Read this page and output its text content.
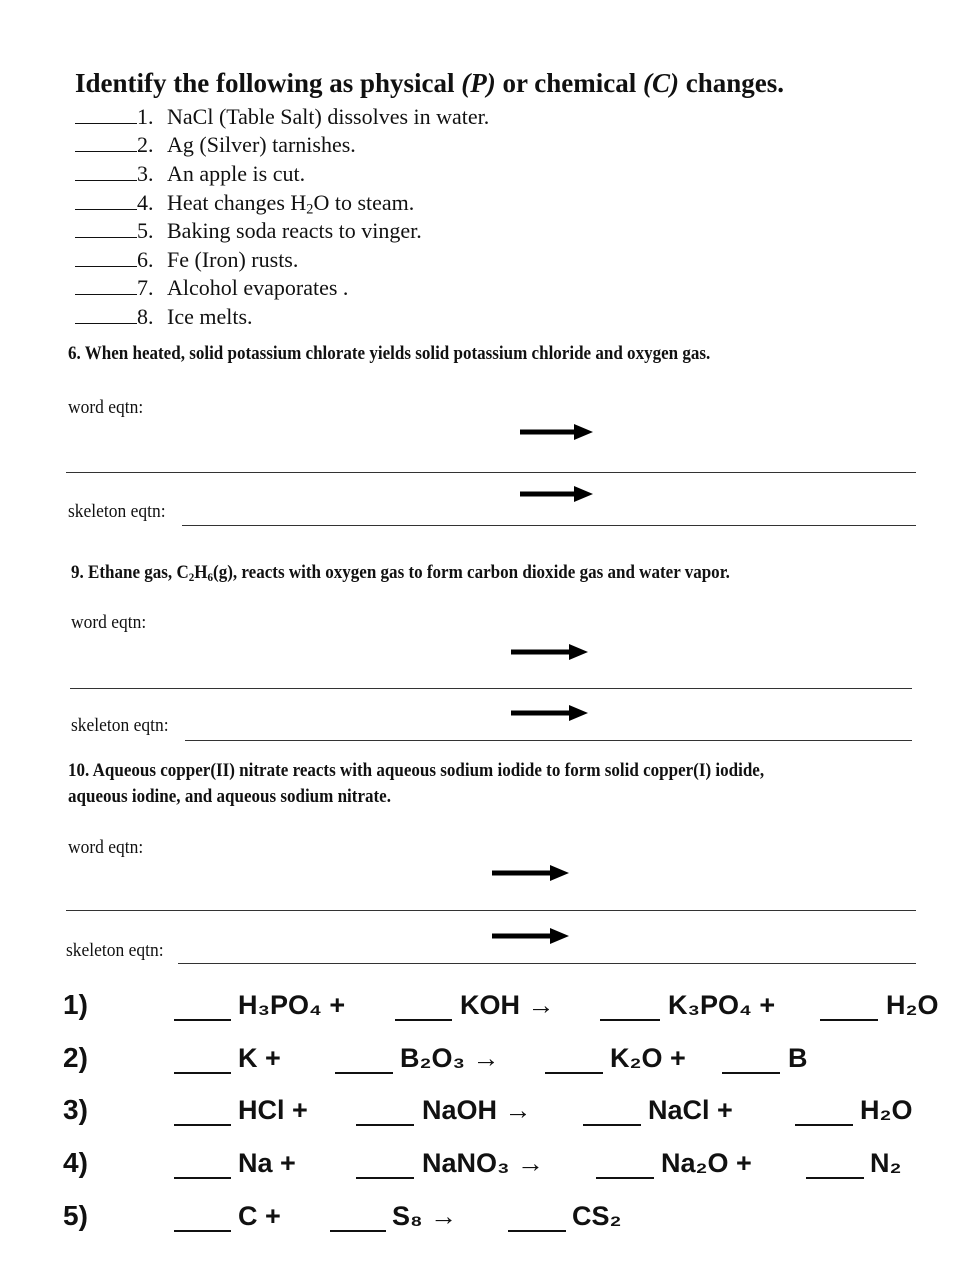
Identify the following as physical (P) or chemical (C) changes.
1. NaCl (Table Salt) dissolves in water.
2. Ag (Silver) tarnishes.
3. An apple is cut.
4. Heat changes $H_2O$ to steam.
5. Baking soda reacts to vinger.
6. Fe (Iron) rusts.
7. Alcohol evaporates .
8. Ice melts.
6. When heated, solid potassium chlorate yields solid potassium chloride and oxygen gas.
word eqtn:
skeleton eqtn:
9. Ethane gas, $C_2H_6(g)$, reacts with oxygen gas to form carbon dioxide gas and water vapor.
word eqtn:
skeleton eqtn:
10. Aqueous copper(II) nitrate reacts with aqueous sodium iodide to form solid copper(I) iodide,
aqueous iodine, and aqueous sodium nitrate.
word eqtn:
skeleton eqtn:
1)	H₃PO₄ +	KOH →	K₃PO₄ +	H₂O
2)	K +	B₂O₃ →	K₂O +	B
3)	HCl +	NaOH →	NaCl +	H₂O
4)	Na +	NaNO₃ →	Na₂O +	N₂
5)	C +	S₈ →	CS₂
